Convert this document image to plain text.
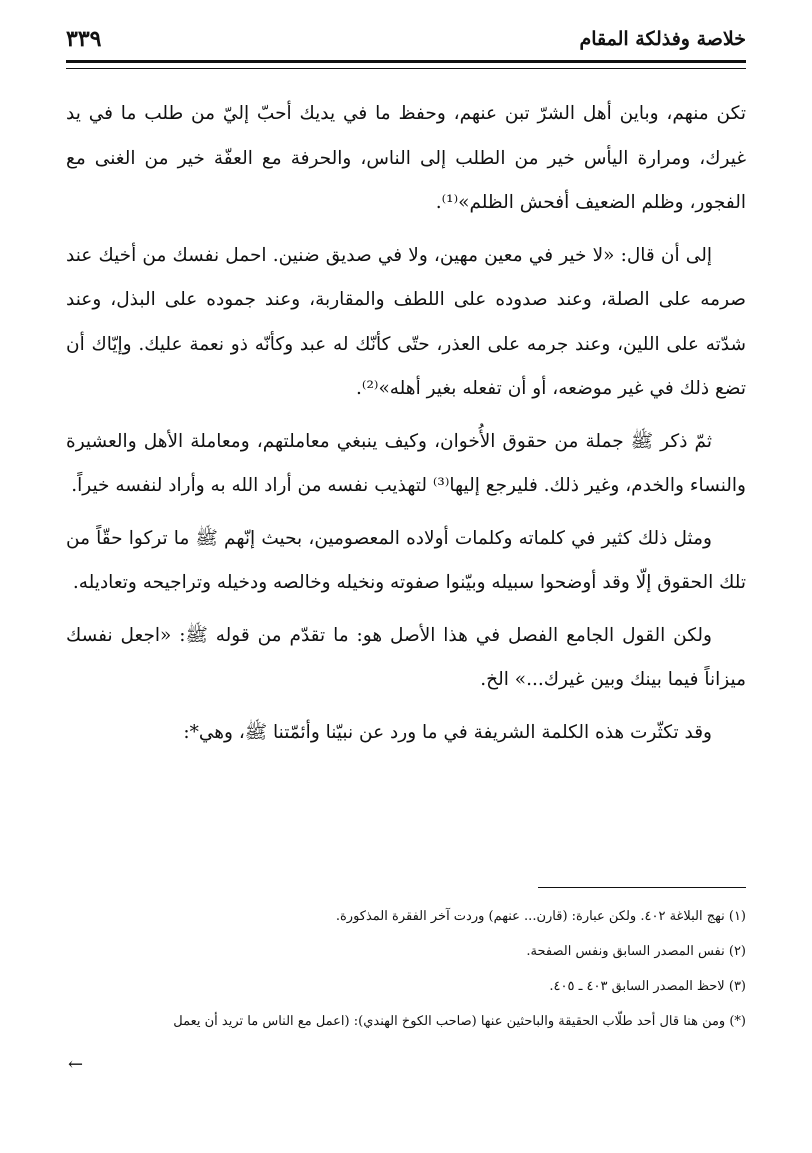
خلاصة وفذلكة المقام
٣٣٩

تكن منهم، وباين أهل الشرّ تبن عنهم، وحفظ ما في يديك أحبّ إليّ من طلب ما في يد غيرك، ومرارة اليأس خير من الطلب إلى الناس، والحرفة مع العفّة خير من الغنى مع الفجور، وظلم الضعيف أفحش الظلم»⁽¹⁾.

إلى أن قال: «لا خير في معين مهين، ولا في صديق ضنين. احمل نفسك من أخيك عند صرمه على الصلة، وعند صدوده على اللطف والمقاربة، وعند جموده على البذل، وعند شدّته على اللين، وعند جرمه على العذر، حتّى كأنّك له عبد وكأنّه ذو نعمة عليك. وإيّاك أن تضع ذلك في غير موضعه، أو أن تفعله بغير أهله»⁽²⁾.

ثمّ ذكر ﷺ جملة من حقوق الأُخوان، وكيف ينبغي معاملتهم، ومعاملة الأهل والعشيرة والنساء والخدم، وغير ذلك. فليرجع إليها⁽³⁾ لتهذيب نفسه من أراد الله به وأراد لنفسه خيراً.

ومثل ذلك كثير في كلماته وكلمات أولاده المعصومين، بحيث إنّهم ﷺ ما تركوا حقّاً من تلك الحقوق إلّا وقد أوضحوا سبيله وبيّنوا صفوته ونخيله وخالصه ودخيله وتراجيحه وتعاديله.

ولكن القول الجامع الفصل في هذا الأصل هو: ما تقدّم من قوله ﷺ: «اجعل نفسك ميزاناً فيما بينك وبين غيرك...» الخ.

وقد تكثّرت هذه الكلمة الشريفة في ما ورد عن نبيّنا وأئمّتنا ﷺ، وهي*:

(١) نهج البلاغة ٤٠٢. ولكن عبارة: (قارن... عنهم) وردت آخر الفقرة المذكورة.
(٢) نفس المصدر السابق ونفس الصفحة.
(٣) لاحظ المصدر السابق ٤٠٣ ـ ٤٠٥.
(*) ومن هنا قال أحد طلّاب الحقيقة والباحثين عنها (صاحب الكوخ الهندي): (اعمل مع الناس ما تريد أن يعمل
←
